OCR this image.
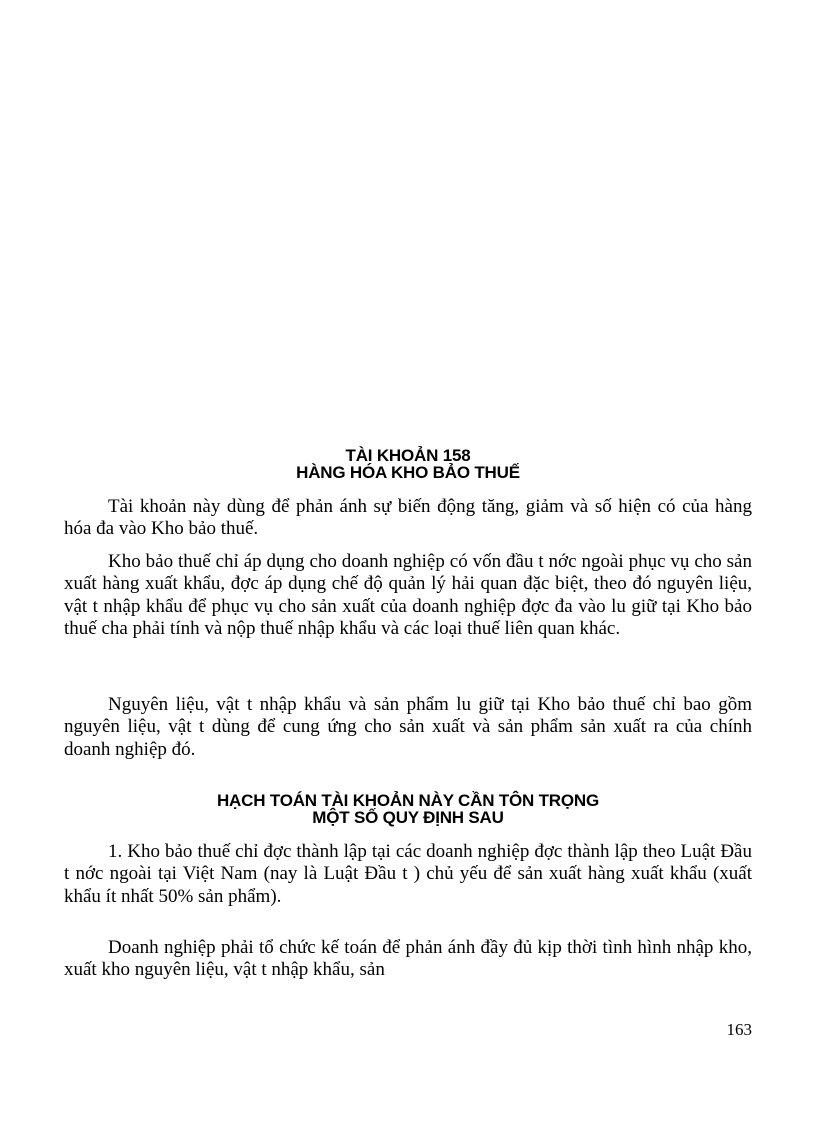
TÀI KHOẢN 158
HÀNG HÓA KHO BẢO THUẾ

Tài khoản này dùng để phản ánh sự biến động tăng, giảm và số hiện có của hàng hóa đa vào Kho bảo thuế.

Kho bảo thuế chỉ áp dụng cho doanh nghiệp có vốn đầu t nớc ngoài phục vụ cho sản xuất hàng xuất khẩu, đợc áp dụng chế độ quản lý hải quan đặc biệt, theo đó nguyên liệu, vật t nhập khẩu để phục vụ cho sản xuất của doanh nghiệp đợc đa vào lu giữ tại Kho bảo thuế cha phải tính và nộp thuế nhập khẩu và các loại thuế liên quan khác.

Nguyên liệu, vật t nhập khẩu và sản phẩm lu giữ tại Kho bảo thuế chỉ bao gồm nguyên liệu, vật t dùng để cung ứng cho sản xuất và sản phẩm sản xuất ra của chính doanh nghiệp đó.

HẠCH TOÁN TÀI KHOẢN NÀY CẦN TÔN TRỌNG
MỘT SỐ QUY ĐỊNH SAU

1. Kho bảo thuế chỉ đợc thành lập tại các doanh nghiệp đợc thành lập theo Luật Đầu t nớc ngoài tại Việt Nam (nay là Luật Đầu t ) chủ yếu để sản xuất hàng xuất khẩu (xuất khẩu ít nhất 50% sản phẩm).

Doanh nghiệp phải tổ chức kế toán để phản ánh đầy đủ kịp thời tình hình nhập kho, xuất kho nguyên liệu, vật t nhập khẩu, sản

163
